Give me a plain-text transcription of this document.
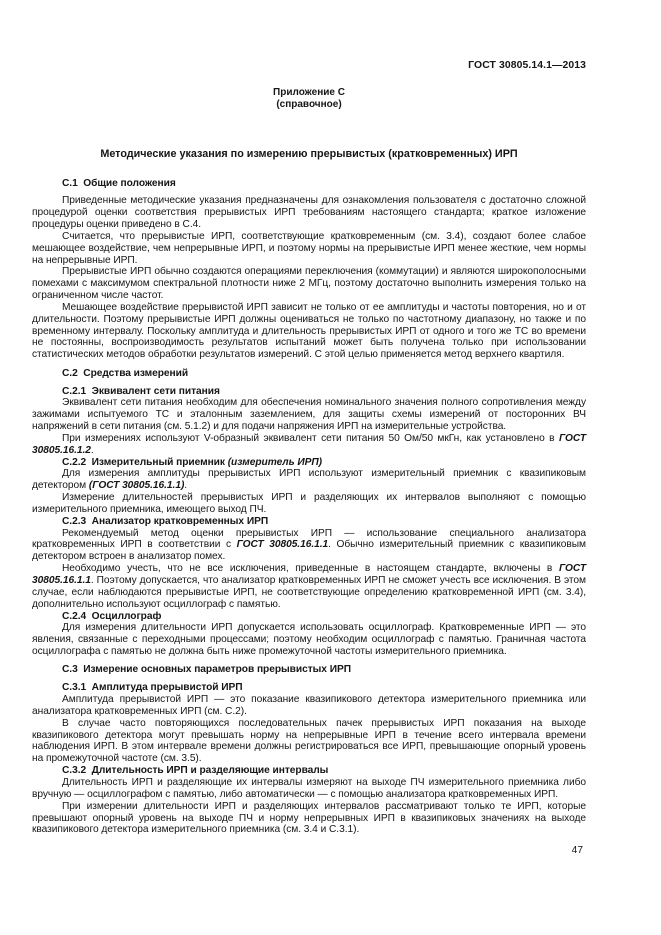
ГОСТ 30805.14.1—2013
Приложение С
(справочное)
Методические указания по измерению прерывистых (кратковременных) ИРП
С.1  Общие положения
Приведенные методические указания предназначены для ознакомления пользователя с достаточно сложной процедурой оценки соответствия прерывистых ИРП требованиям настоящего стандарта; краткое изложение процедуры оценки приведено в С.4.
Считается, что прерывистые ИРП, соответствующие кратковременным (см. 3.4), создают более слабое мешающее воздействие, чем непрерывные ИРП, и поэтому нормы на прерывистые ИРП менее жесткие, чем нормы на непрерывные ИРП.
Прерывистые ИРП обычно создаются операциями переключения (коммутации) и являются широкополосными помехами с максимумом спектральной плотности ниже 2 МГц, поэтому достаточно выполнить измерения только на ограниченном числе частот.
Мешающее воздействие прерывистой ИРП зависит не только от ее амплитуды и частоты повторения, но и от длительности. Поэтому прерывистые ИРП должны оцениваться не только по частотному диапазону, но также и по временному интервалу. Поскольку амплитуда и длительность прерывистых ИРП от одного и того же ТС во времени не постоянны, воспроизводимость результатов испытаний может быть получена только при использовании статистических методов обработки результатов измерений. С этой целью применяется метод верхнего квартиля.
С.2  Средства измерений
С.2.1  Эквивалент сети питания
Эквивалент сети питания необходим для обеспечения номинального значения полного сопротивления между зажимами испытуемого ТС и эталонным заземлением, для защиты схемы измерений от посторонних ВЧ напряжений в сети питания (см. 5.1.2) и для подачи напряжения ИРП на измерительные устройства.
При измерениях используют V-образный эквивалент сети питания 50 Ом/50 мкГн, как установлено в ГОСТ 30805.16.1.2.
С.2.2  Измерительный приемник (измеритель ИРП)
Для измерения амплитуды прерывистых ИРП используют измерительный приемник с квазипиковым детектором (ГОСТ 30805.16.1.1).
Измерение длительностей прерывистых ИРП и разделяющих их интервалов выполняют с помощью измерительного приемника, имеющего выход ПЧ.
С.2.3  Анализатор кратковременных ИРП
Рекомендуемый метод оценки прерывистых ИРП — использование специального анализатора кратковременных ИРП в соответствии с ГОСТ 30805.16.1.1. Обычно измерительный приемник с квазипиковым детектором встроен в анализатор помех.
Необходимо учесть, что не все исключения, приведенные в настоящем стандарте, включены в ГОСТ 30805.16.1.1. Поэтому допускается, что анализатор кратковременных ИРП не сможет учесть все исключения. В этом случае, если наблюдаются прерывистые ИРП, не соответствующие определению кратковременной ИРП (см. 3.4), дополнительно используют осциллограф с памятью.
С.2.4  Осциллограф
Для измерения длительности ИРП допускается использовать осциллограф. Кратковременные ИРП — это явления, связанные с переходными процессами; поэтому необходим осциллограф с памятью. Граничная частота осциллографа с памятью не должна быть ниже промежуточной частоты измерительного приемника.
С.3  Измерение основных параметров прерывистых ИРП
С.3.1  Амплитуда прерывистой ИРП
Амплитуда прерывистой ИРП — это показание квазипикового детектора измерительного приемника или анализатора кратковременных ИРП (см. С.2).
В случае часто повторяющихся последовательных пачек прерывистых ИРП показания на выходе квазипикового детектора могут превышать норму на непрерывные ИРП в течение всего интервала времени наблюдения ИРП. В этом интервале времени должны регистрироваться все ИРП, превышающие опорный уровень на промежуточной частоте (см. 3.5).
С.3.2  Длительность ИРП и разделяющие интервалы
Длительность ИРП и разделяющие их интервалы измеряют на выходе ПЧ измерительного приемника либо вручную — осциллографом с памятью, либо автоматически — с помощью анализатора кратковременных ИРП.
При измерении длительности ИРП и разделяющих интервалов рассматривают только те ИРП, которые превышают опорный уровень на выходе ПЧ и норму непрерывных ИРП в квазипиковых значениях на выходе квазипикового детектора измерительного приемника (см. 3.4 и С.3.1).
47
